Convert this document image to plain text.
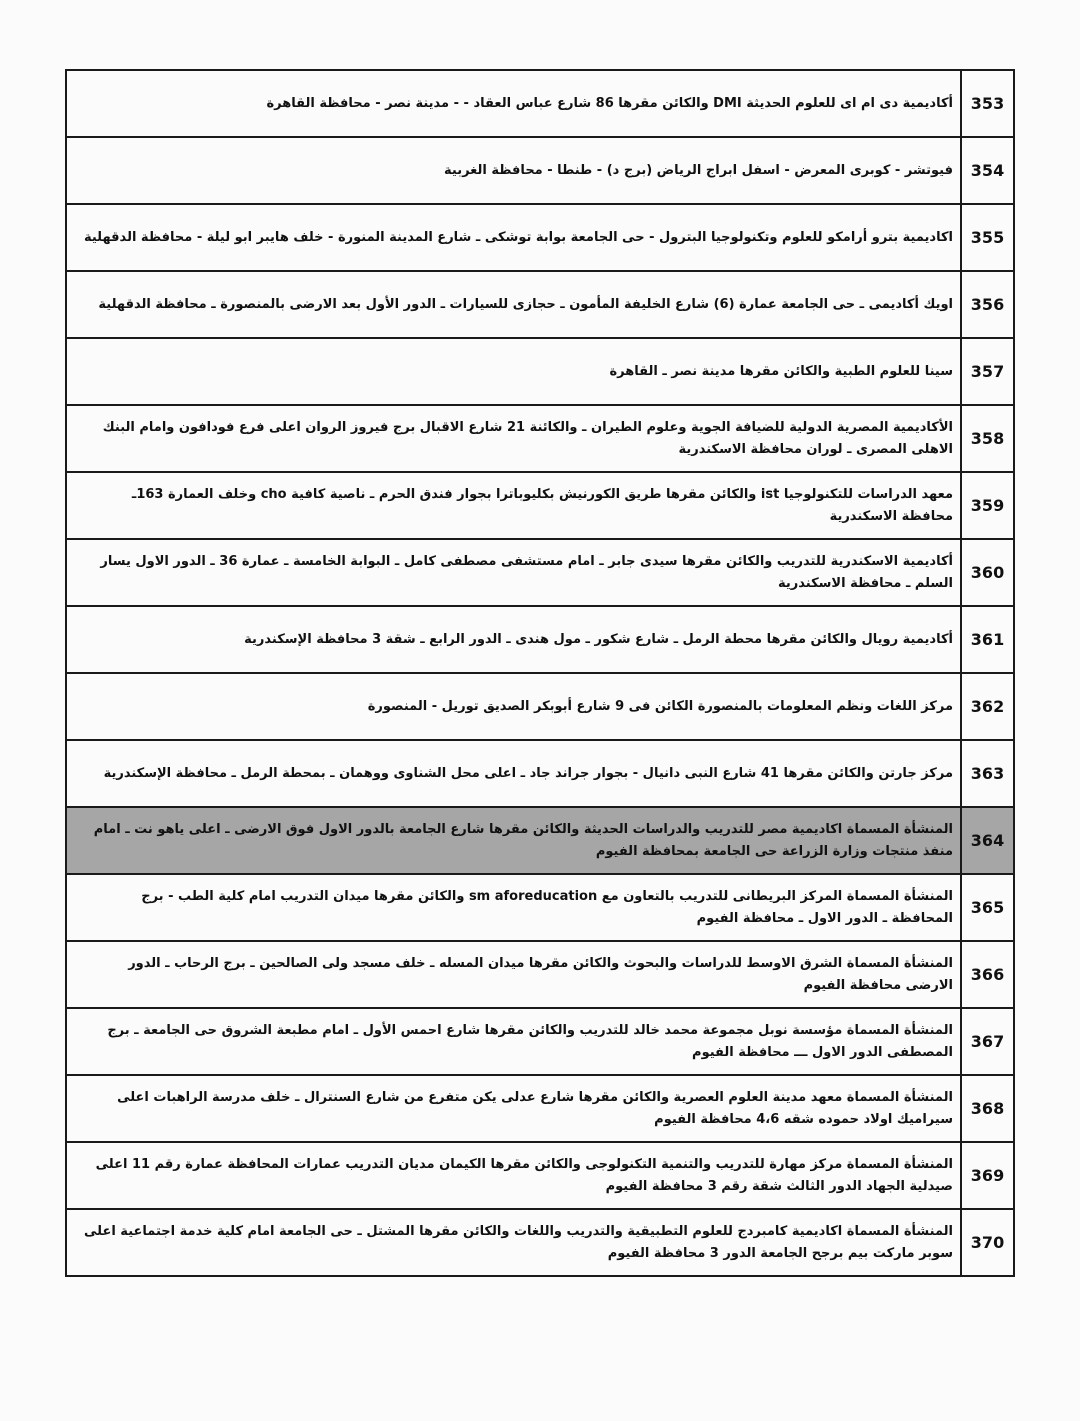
353	أكاديمية دى ام اى للعلوم الحديثة DMI والكائن مقرها 86 شارع عباس العقاد - - مدينة نصر - محافظة القاهرة
354	فيوتشر - كوبرى المعرض - اسفل ابراج الرياض (برج د) - طنطا - محافظة الغربية
355	اكاديمية بترو أرامكو للعلوم وتكنولوجيا البترول - حى الجامعة بوابة توشكى ـ شارع المدينة المنورة - خلف هايبر ابو ليلة - محافظة الدقهلية
356	اويك أكاديمى ـ حى الجامعة عمارة (6) شارع الخليفة المأمون ـ حجازى للسيارات ـ الدور الأول بعد الارضى بالمنصورة ـ محافظة الدقهلية
357	سينا للعلوم الطبية والكائن مقرها مدينة نصر ـ القاهرة
358	الأكاديمية المصرية الدولية للضيافة الجوية وعلوم الطيران ـ والكائنة 21 شارع الاقبال برج فيروز الروان اعلى فرع فودافون وامام البنك الاهلى المصرى ـ لوران محافظة الاسكندرية
359	معهد الدراسات للتكنولوجيا ist والكائن مقرها طريق الكورنيش بكليوباترا بجوار فندق الحرم ـ ناصية كافية cho وخلف العمارة 163ـ محافظة الاسكندرية
360	أكاديمية الاسكندرية للتدريب والكائن مقرها سيدى جابر ـ امام مستشفى مصطفى كامل ـ البوابة الخامسة ـ عمارة 36 ـ الدور الاول يسار السلم ـ محافظة الاسكندرية
361	أكاديمية رويال والكائن مقرها محطة الرمل ـ شارع شكور ـ مول هندى ـ الدور الرابع ـ شقة 3 محافظة الإسكندرية
362	مركز اللغات ونظم المعلومات بالمنصورة الكائن فى 9 شارع أبوبكر الصديق توريل - المنصورة
363	مركز جارتن والكائن مقرها 41 شارع النبى دانيال - بجوار جراند جاد ـ اعلى محل الشناوى ووهمان ـ بمحطة الرمل ـ محافظة الإسكندرية
364	المنشأة المسماة اكاديمية مصر للتدريب والدراسات الحديثة والكائن مقرها شارع الجامعة بالدور الاول فوق الارضى ـ اعلى ياهو نت ـ امام منفذ منتجات وزارة الزراعة حى الجامعة بمحافظة الفيوم
365	المنشأة المسماة المركز البريطانى للتدريب بالتعاون مع sm aforeducation والكائن مقرها ميدان التدريب امام كلية الطب - برج المحافظة ـ الدور الاول ـ محافظة الفيوم
366	المنشأة المسماة الشرق الاوسط للدراسات والبحوث والكائن مقرها ميدان المسله ـ خلف مسجد ولى الصالحين ـ برج الرحاب ـ الدور الارضى محافظة الفيوم
367	المنشأة المسماة مؤسسة نوبل مجموعة محمد خالد للتدريب والكائن مقرها شارع احمس الأول ـ امام مطبعة الشروق حى الجامعة ـ برج المصطفى الدور الاول ـــ محافظة الفيوم
368	المنشأة المسماة معهد مدينة العلوم العصرية والكائن مقرها شارع عدلى يكن متفرع من شارع السنترال ـ خلف مدرسة الراهبات اعلى سيراميك اولاد حموده شقه 4،6 محافظة الفيوم
369	المنشأة المسماة مركز مهارة للتدريب والتنمية التكنولوجى والكائن مقرها الكيمان مديان التدريب عمارات المحافظة عمارة رقم 11 اعلى صيدلية الجهاد الدور الثالث شقة رقم 3 محافظة الفيوم
370	المنشأة المسماة اكاديمية كامبردج للعلوم التطبيقية والتدريب واللغات والكائن مقرها المشتل ـ حى الجامعة امام كلية خدمة اجتماعية اعلى سوبر ماركت بيم برجح الجامعة الدور 3 محافظة الفيوم
